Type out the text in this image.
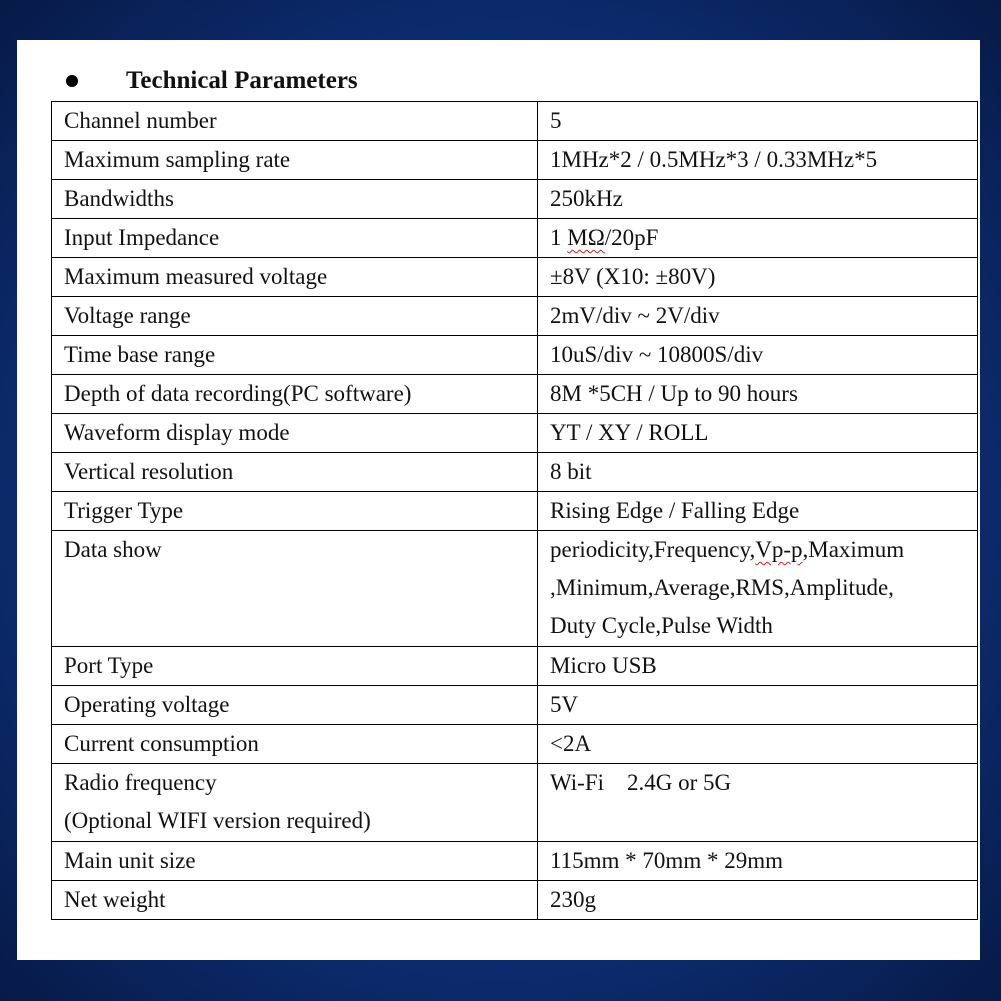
Technical Parameters
Channel number	5
Maximum sampling rate	1MHz*2 / 0.5MHz*3 / 0.33MHz*5
Bandwidths	250kHz
Input Impedance	1 MΩ/20pF
Maximum measured voltage	±8V (X10: ±80V)
Voltage range	2mV/div ~ 2V/div
Time base range	10uS/div ~ 10800S/div
Depth of data recording(PC software)	8M *5CH / Up to 90 hours
Waveform display mode	YT / XY / ROLL
Vertical resolution	8 bit
Trigger Type	Rising Edge / Falling Edge
Data show	periodicity,Frequency,Vp-p,Maximum
,Minimum,Average,RMS,Amplitude,
Duty Cycle,Pulse Width

Port Type	Micro USB
Operating voltage	5V
Current consumption	<2A

Radio frequency
(Optional WIFI version required)	Wi-Fi    2.4G or 5G
Main unit size	115mm * 70mm * 29mm
Net weight	230g
